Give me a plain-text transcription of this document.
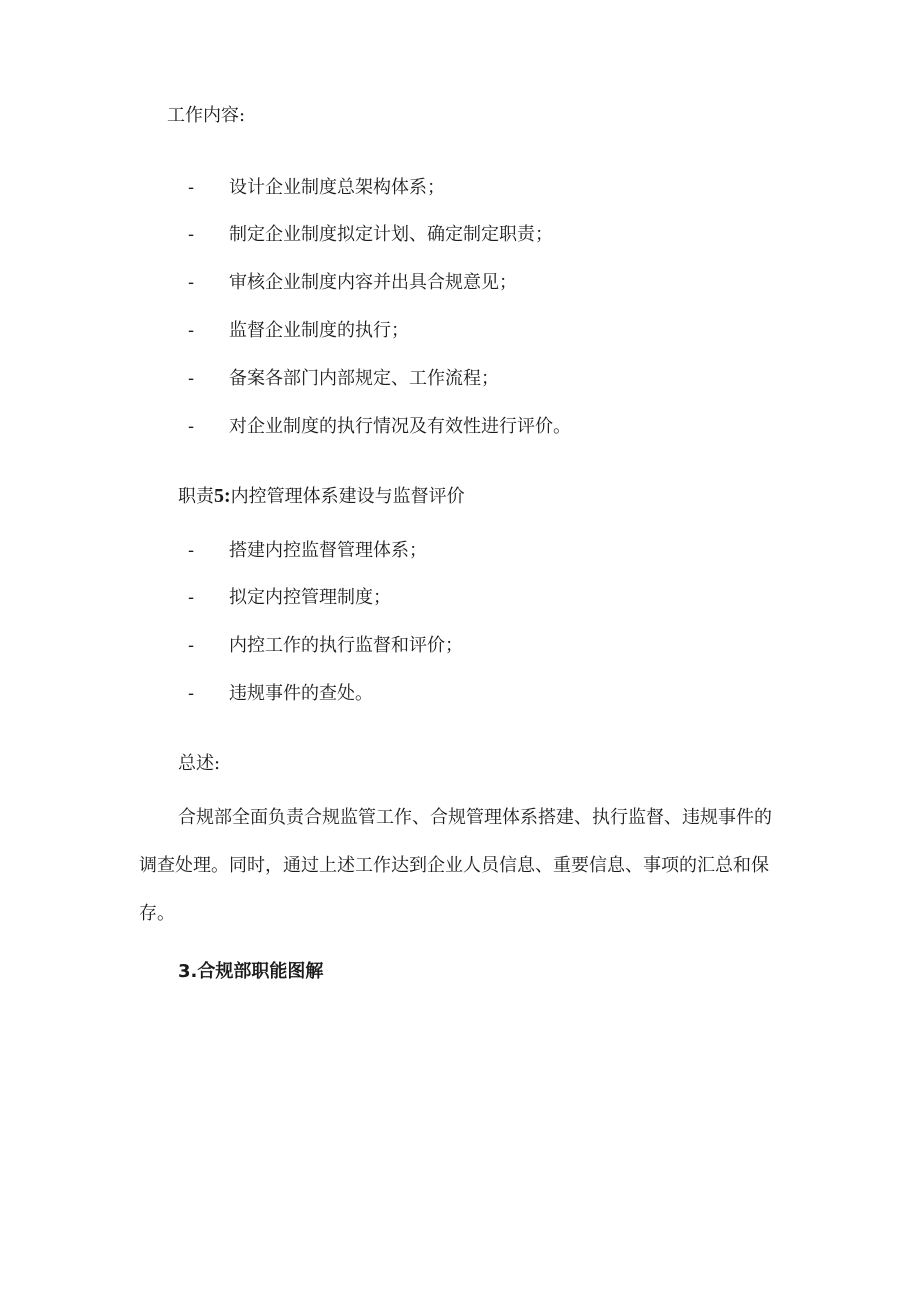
工作内容:
-	设计企业制度总架构体系；
-	制定企业制度拟定计划、确定制定职责；
-	审核企业制度内容并出具合规意见；
-	监督企业制度的执行；
-	备案各部门内部规定、工作流程；
-	对企业制度的执行情况及有效性进行评价。
职责5:内控管理体系建设与监督评价
-	搭建内控监督管理体系；
-	拟定内控管理制度；
-	内控工作的执行监督和评价；
-	违规事件的查处。
总述:
合规部全面负责合规监管工作、合规管理体系搭建、执行监督、违规事件的
调查处理。同时，通过上述工作达到企业人员信息、重要信息、事项的汇总和保
存。
3.合规部职能图解
